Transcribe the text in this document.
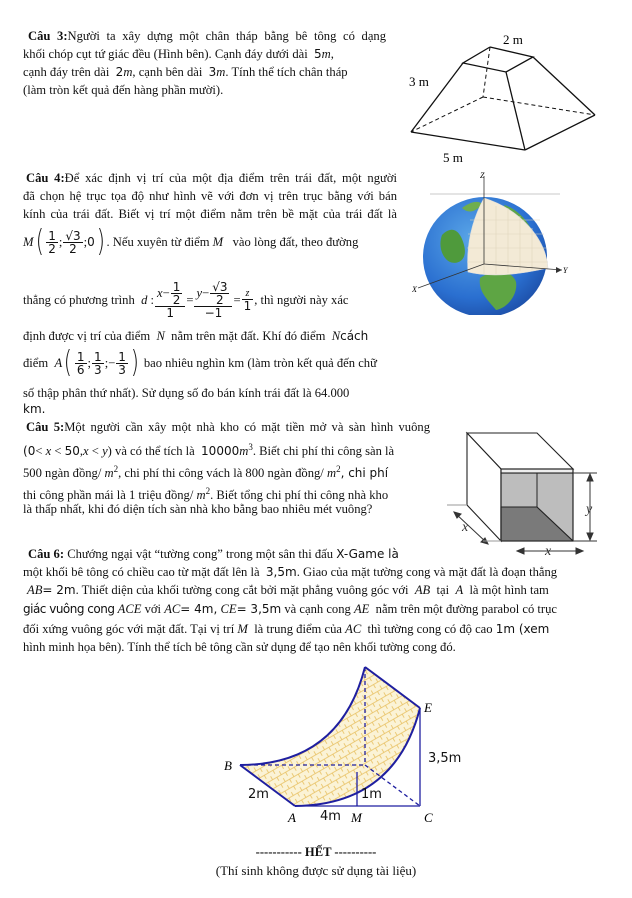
Câu 3:Người ta xây dựng một chân tháp bằng bê tông có dạng
khối chóp cụt tứ giác đều (Hình bên). Cạnh đáy dưới dài 5m,
cạnh đáy trên dài 2m, cạnh bên dài 3m. Tính thể tích chân tháp
(làm tròn kết quả đến hàng phần mười).
2 m
3 m
5 m
Câu 4:Để xác định vị trí của một địa điểm trên trái đất, một người
đã chọn hệ trục tọa độ như hình vẽ với đơn vị trên trục bằng với bán
kính của trái đất. Biết vị trí một điểm nằm trên bề mặt của trái đất là
M ( $\frac{1}{2}$ ; $\frac{√3}{2}$ ; 0 ) . Nếu xuyên từ điểm
M
vào lòng đất, theo đường
thẳng có phương trình
d : $\frac{x - \frac{1}{2}}{1} = \frac{y - \frac{√3}{2}}{-1} = \frac{z}{1}$ , thì người này xác
định được vị trí của điểm N nằm trên mặt đất. Khí đó điểm Ncách
điểm
A ( $\frac{1}{6}$ ; $\frac{1}{3}$ ; − $\frac{1}{3}$ )
bao nhiêu nghìn km (làm tròn kết quả đến chữ
số thập phân thứ nhất). Sử dụng số đo bán kính trái đất là 64.000
km.
Z
Y
X
Câu 5:Một người cần xây một nhà kho có mặt tiền mở và sàn hình vuông
(0< x < 50,x < y) và có thể tích là $10000m^3$. Biết chi phí thi công sàn là
500 ngàn đồng/ $m^2$, chi phí thi công vách là 800 ngàn đồng/ $m^2$, chi phí
thi công phần mái là 1 triệu đồng/ $m^2$. Biết tổng chi phí thi công nhà kho
là thấp nhất, khi đó diện tích sàn nhà kho bằng bao nhiêu mét vuông?	y
x
x
Câu 6: Chướng ngại vật “tường cong” trong một sân thi đấu X-Game là
một khối bê tông có chiều cao từ mặt đất lên là 3,5m. Giao của mặt tường cong và mặt đất là đoạn thẳng
AB= 2m. Thiết diện của khối tường cong cắt bởi mặt phẳng vuông góc với AB tại A là một hình tam
giác vuông cong ACE với AC= 4m, CE= 3,5m và cạnh cong AE nằm trên một đường parabol có trục
đối xứng vuông góc với mặt đất. Tại vị trí M là trung điểm của AC thì tường cong có độ cao 1m (xem
hình minh họa bên). Tính thể tích bê tông cần sử dụng để tạo nên khối tường cong đó.
B
A	M	C
E
2m
4m
1m
3,5m
----------- HẾT ----------
(Thí sinh không được sử dụng tài liệu)
